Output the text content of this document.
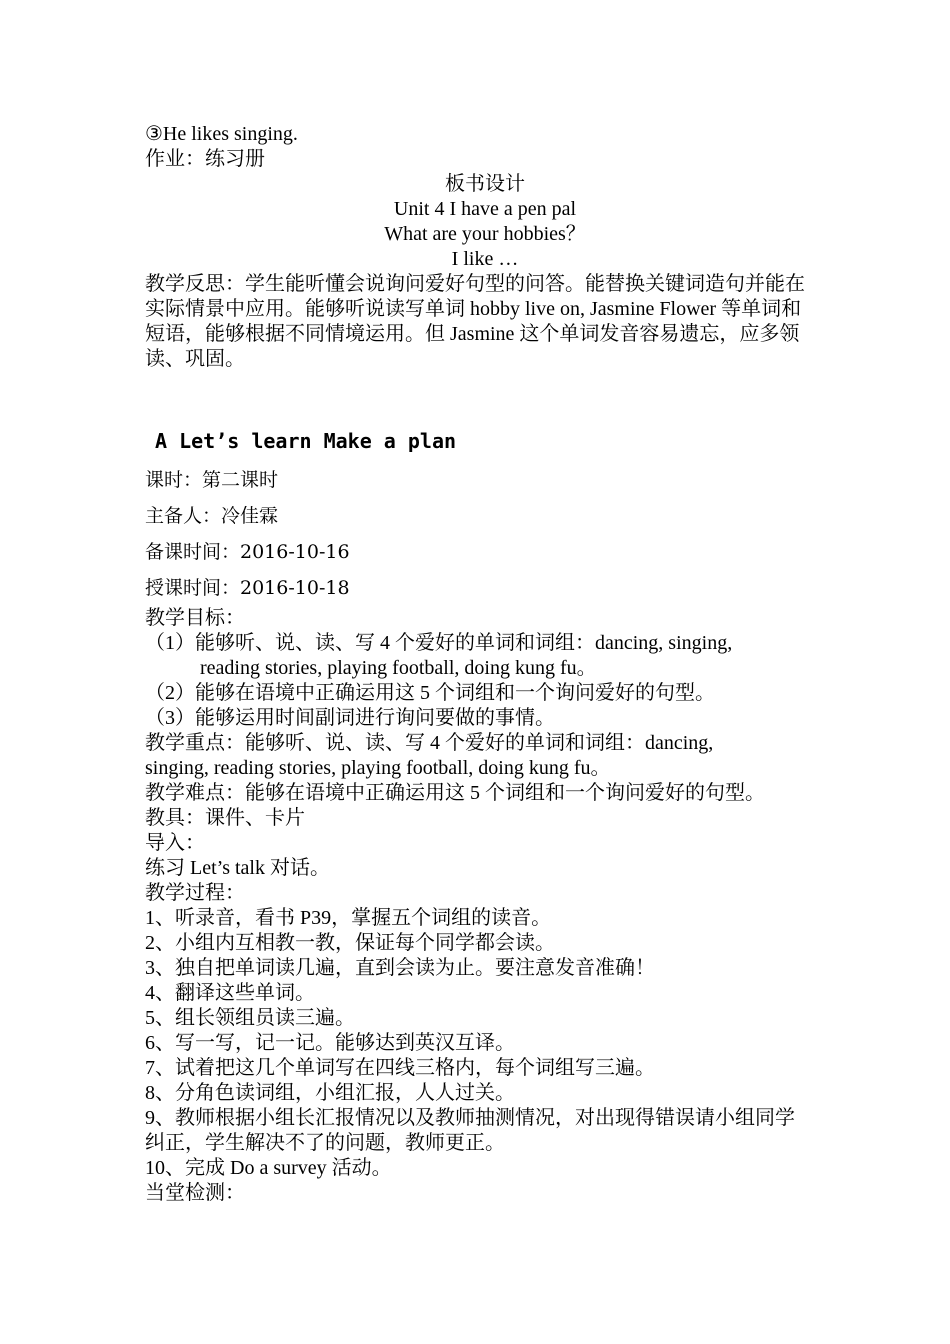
③He likes singing.
作业：练习册
板书设计
Unit 4 I have a pen pal
What are your hobbies？
I like …
教学反思：学生能听懂会说询问爱好句型的问答。能替换关键词造句并能在实际情景中应用。能够听说读写单词 hobby live on, Jasmine Flower 等单词和短语，能够根据不同情境运用。但 Jasmine 这个单词发音容易遗忘，应多领读、巩固。
A Let’s learn Make a plan
课时：第二课时
主备人：冷佳霖
备课时间：2016-10-16
授课时间：2016-10-18
教学目标：
（1）能够听、说、读、写 4 个爱好的单词和词组：dancing, singing,
reading stories, playing football, doing kung fu。
（2）能够在语境中正确运用这 5 个词组和一个询问爱好的句型。
（3）能够运用时间副词进行询问要做的事情。
教学重点：能够听、说、读、写 4 个爱好的单词和词组：dancing,
singing, reading stories, playing football, doing kung fu。
教学难点：能够在语境中正确运用这 5 个词组和一个询问爱好的句型。
教具：课件、卡片
导入：
练习 Let’s talk 对话。
教学过程：
1、听录音，看书 P39，掌握五个词组的读音。
2、小组内互相教一教，保证每个同学都会读。
3、独自把单词读几遍，直到会读为止。要注意发音准确！
4、翻译这些单词。
5、组长领组员读三遍。
6、写一写，记一记。能够达到英汉互译。
7、试着把这几个单词写在四线三格内，每个词组写三遍。
8、分角色读词组，小组汇报，人人过关。
9、教师根据小组长汇报情况以及教师抽测情况，对出现得错误请小组同学纠正，学生解决不了的问题，教师更正。
10、完成 Do a survey 活动。
当堂检测：
